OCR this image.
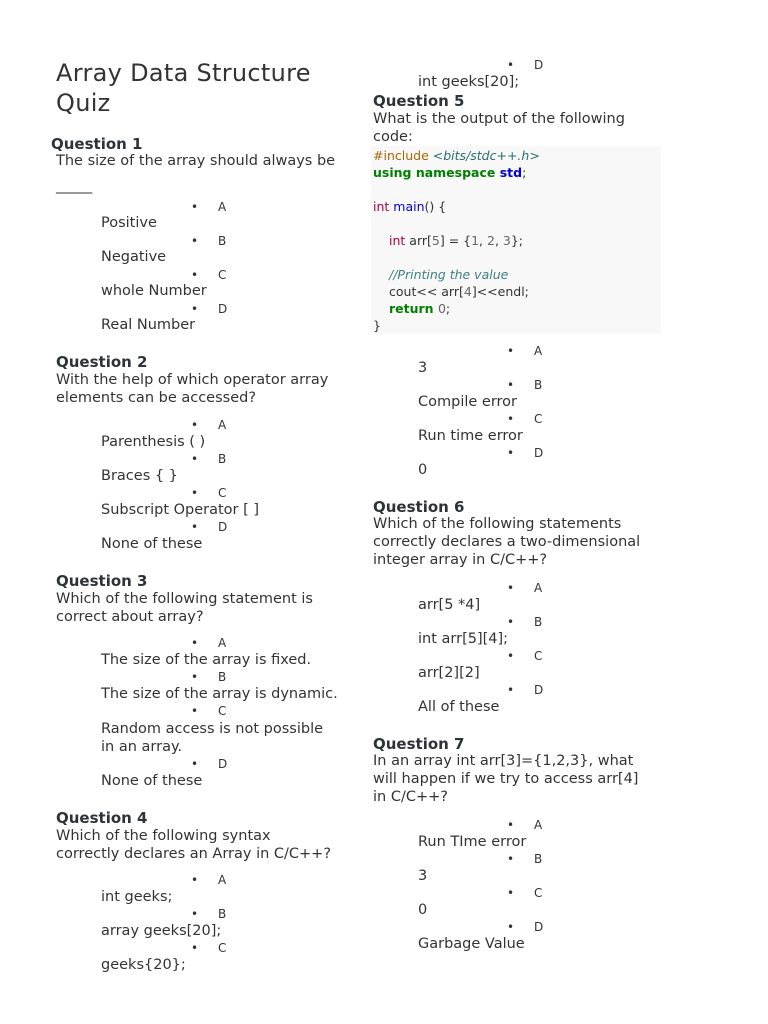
Array Data Structure
Quiz
Question 1
The size of the array should always be
_____
• A
Positive
• B
Negative
• C
whole Number
• D
Real Number
Question 2
With the help of which operator array
elements can be accessed?
• A
Parenthesis ( )
• B
Braces { }
• C
Subscript Operator [ ]
• D
None of these
Question 3
Which of the following statement is
correct about array?
• A
The size of the array is fixed.
• B
The size of the array is dynamic.
• C
Random access is not possible
in an array.
• D
None of these
Question 4
Which of the following syntax
correctly declares an Array in C/C++?
• A
int geeks;
• B
array geeks[20];
• C
geeks{20};
• D
int geeks[20];
Question 5
What is the output of the following
code:
#include <bits/stdc++.h>
using namespace std;
int main() {
int arr[5] = {1, 2, 3};
//Printing the value
cout<< arr[4]<<endl;
return 0;
}
• A
3
• B
Compile error
• C
Run time error
• D
0
Question 6
Which of the following statements
correctly declares a two-dimensional
integer array in C/C++?
• A
arr[5 *4]
• B
int arr[5][4];
• C
arr[2][2]
• D
All of these
Question 7
In an array int arr[3]={1,2,3}, what
will happen if we try to access arr[4]
in C/C++?
• A
Run TIme error
• B
3
• C
0
• D
Garbage Value
